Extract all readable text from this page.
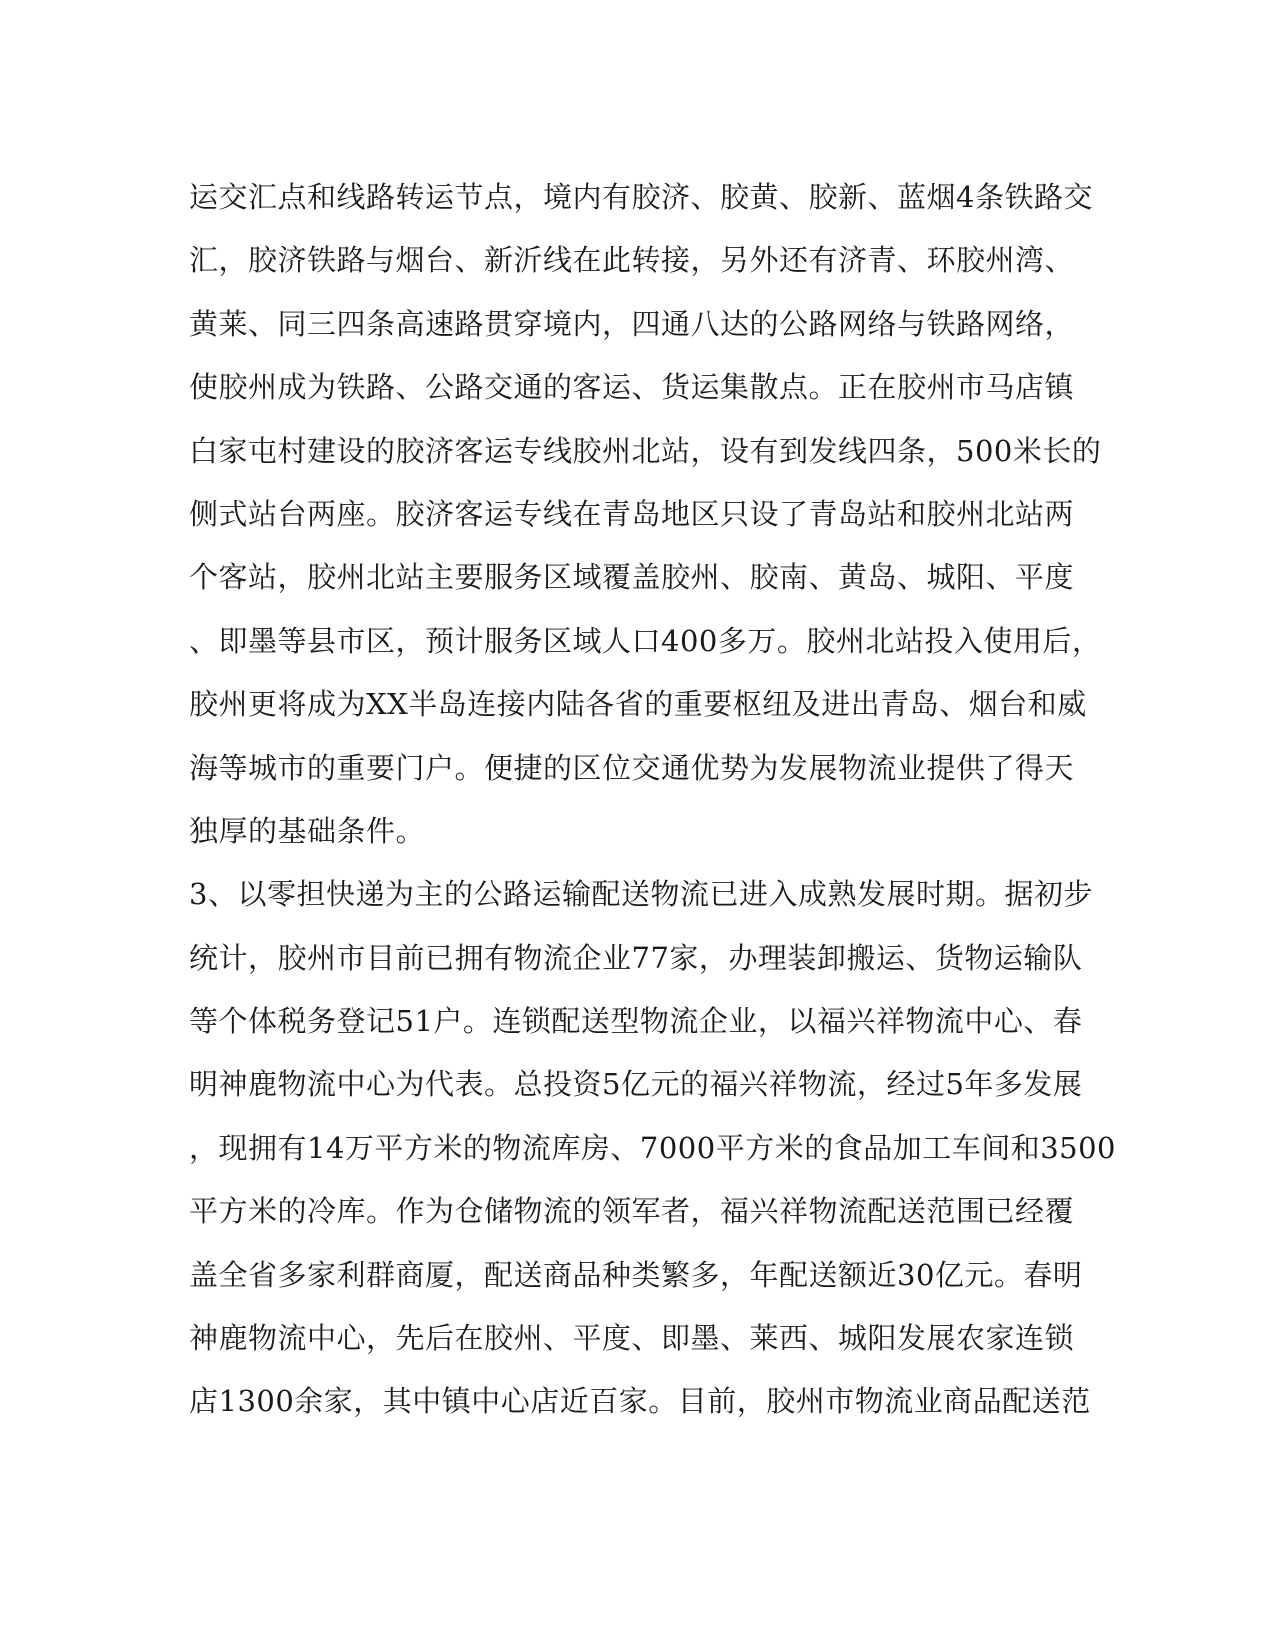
运交汇点和线路转运节点，境内有胶济、胶黄、胶新、蓝烟4条铁路交
汇，胶济铁路与烟台、新沂线在此转接，另外还有济青、环胶州湾、
黄莱、同三四条高速路贯穿境内，四通八达的公路网络与铁路网络，
使胶州成为铁路、公路交通的客运、货运集散点。正在胶州市马店镇
白家屯村建设的胶济客运专线胶州北站，设有到发线四条，500米长的
侧式站台两座。胶济客运专线在青岛地区只设了青岛站和胶州北站两
个客站，胶州北站主要服务区域覆盖胶州、胶南、黄岛、城阳、平度
、即墨等县市区，预计服务区域人口400多万。胶州北站投入使用后，
胶州更将成为XX半岛连接内陆各省的重要枢纽及进出青岛、烟台和威
海等城市的重要门户。便捷的区位交通优势为发展物流业提供了得天
独厚的基础条件。
3、以零担快递为主的公路运输配送物流已进入成熟发展时期。据初步
统计，胶州市目前已拥有物流企业77家，办理装卸搬运、货物运输队
等个体税务登记51户。连锁配送型物流企业，以福兴祥物流中心、春
明神鹿物流中心为代表。总投资5亿元的福兴祥物流，经过5年多发展
，现拥有14万平方米的物流库房、7000平方米的食品加工车间和3500
平方米的冷库。作为仓储物流的领军者，福兴祥物流配送范围已经覆
盖全省多家利群商厦，配送商品种类繁多，年配送额近30亿元。春明
神鹿物流中心，先后在胶州、平度、即墨、莱西、城阳发展农家连锁
店1300余家，其中镇中心店近百家。目前，胶州市物流业商品配送范
